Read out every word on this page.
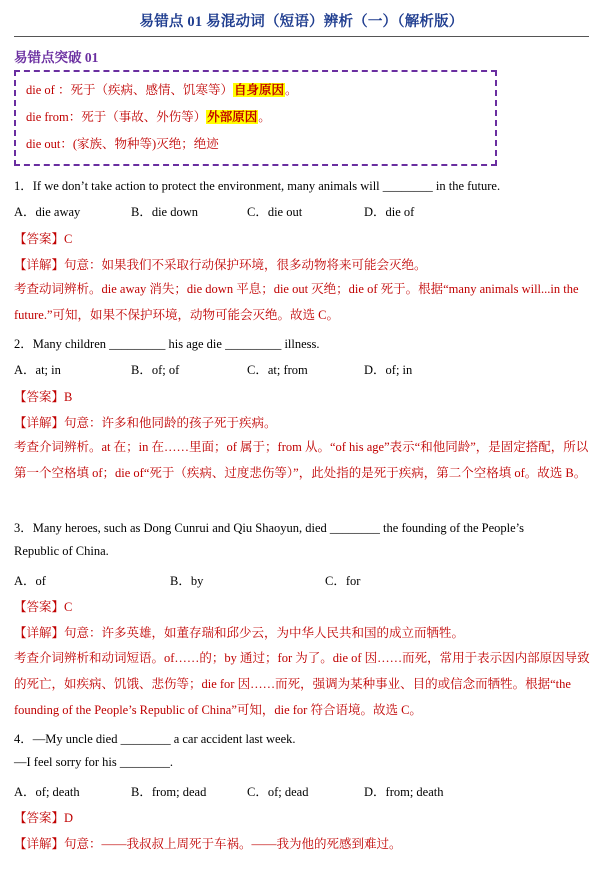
易错点 01 易混动词（短语）辨析（一）（解析版）
易错点突破 01
die of ：死于（疾病、感情、饥寒等）自身原因。
die from：死于（事故、外伤等）外部原因。
die out：(家族、物种等)灭绝；绝迹
1．If we don’t take action to protect the environment, many animals will ________ in the future.
A．die away	B．die down	C．die out	D．die of
【答案】C
【详解】句意：如果我们不采取行动保护环境，很多动物将来可能会灭绝。
考查动词辨析。die away 消失；die down 平息；die out 灭绝；die of 死于。根据“many animals will...in the future.”可知，如果不保护环境，动物可能会灭绝。故选 C。
2．Many children _________ his age die _________ illness.
A．at; in	B．of; of	C．at; from	D．of; in
【答案】B
【详解】句意：许多和他同龄的孩子死于疾病。
考查介词辨析。at 在；in 在……里面；of 属于；from 从。“of his age”表示“和他同龄”，是固定搭配，所以第一个空格填 of；die of“死于（疾病、过度悲伤等）”，此处指的是死于疾病，第二个空格填 of。故选 B。
3．Many heroes, such as Dong Cunrui and Qiu Shaoyun, died ________ the founding of the People’s
Republic of China.
A．of	B．by	C．for
【答案】C
【详解】句意：许多英雄，如董存瑞和邱少云，为中华人民共和国的成立而牺牲。
考查介词辨析和动词短语。of……的；by 通过；for 为了。die of 因……而死，常用于表示因内部原因导致的死亡，如疾病、饥饿、悲伤等；die for 因……而死，强调为某种事业、目的或信念而牺牲。根据“the founding of the People’s Republic of China”可知，die for 符合语境。故选 C。
4．—My uncle died ________ a car accident last week.
—I feel sorry for his ________.
A．of; death	B．from; dead	C．of; dead	D．from; death
【答案】D
【详解】句意：——我叔叔上周死于车祸。——我为他的死感到难过。
